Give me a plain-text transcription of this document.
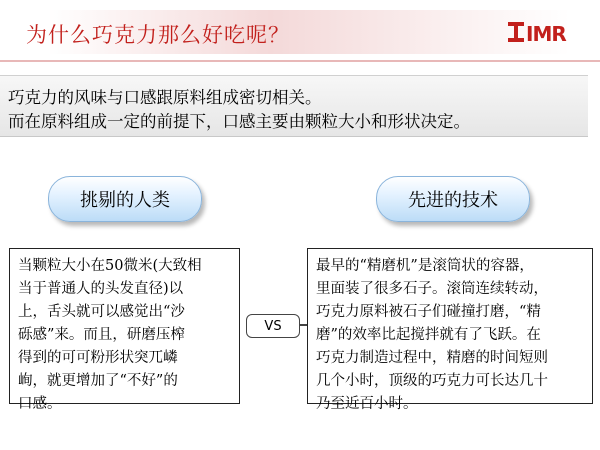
为什么巧克力那么好吃呢？	IMR
巧克力的风味与口感跟原料组成密切相关。
而在原料组成一定的前提下，口感主要由颗粒大小和形状决定。
挑剔的人类	先进的技术

当颗粒大小在50微米(大致相

当于普通人的头发直径)以

上，舌头就可以感觉出“沙

砾感”来。而且，研磨压榨

得到的可可粉形状突兀嶙

峋，就更增加了“不好”的

口感。

VS

最早的“精磨机”是滚筒状的容器，

里面装了很多石子。滚筒连续转动，

巧克力原料被石子们碰撞打磨，“精

磨”的效率比起搅拌就有了飞跃。在

巧克力制造过程中，精磨的时间短则

几个小时，顶级的巧克力可长达几十

乃至近百小时。
